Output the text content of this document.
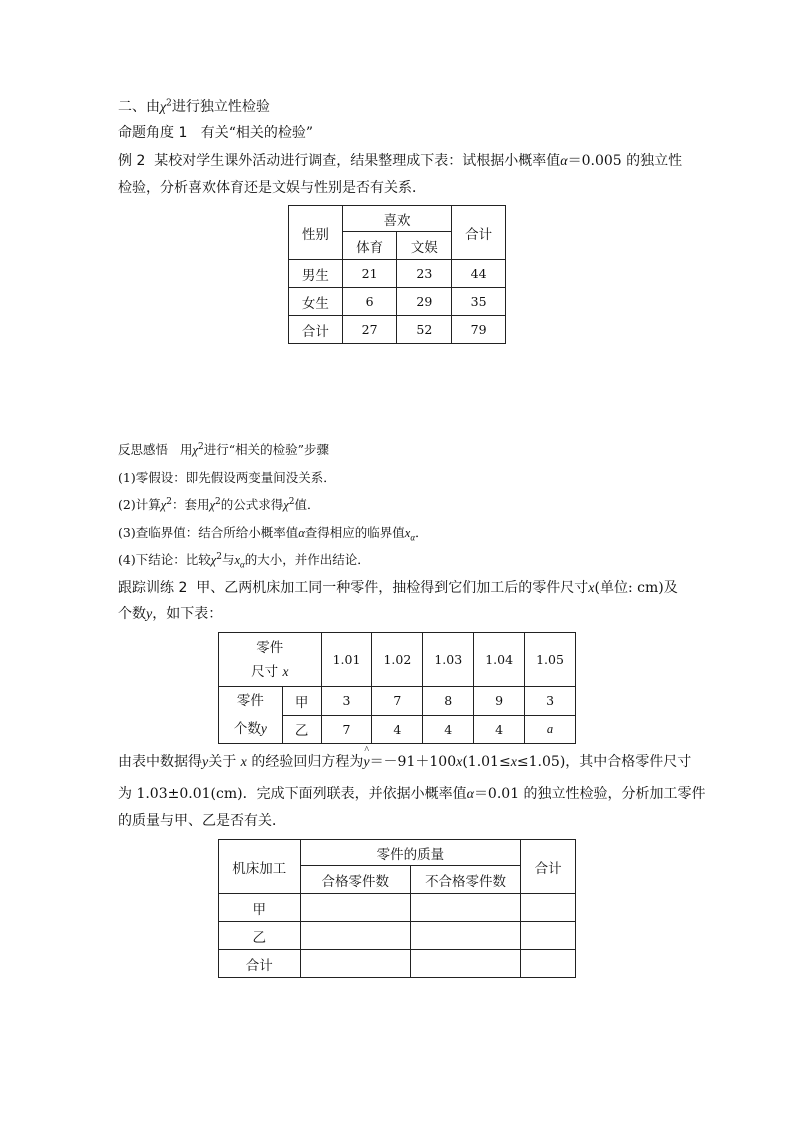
二、由$\chi^2$进行独立性检验
命题角度 1 有关“相关的检验”
例 2 某校对学生课外活动进行调查，结果整理成下表：试根据小概率值α＝0.005 的独立性
检验，分析喜欢体育还是文娱与性别是否有关系．
性别	喜欢		合计
	体育	文娱	
男生	21	23	44
女生	6	29	35
合计	27	52	79
反思感悟 用$\chi^2$进行“相关的检验”步骤
(1)零假设：即先假设两变量间没关系．
(2)计算$\chi^2$：套用$\chi^2$的公式求得$\chi^2$值．
(3)查临界值：结合所给小概率值α查得相应的临界值$x_\alpha$．
(4)下结论：比较$\chi^2$与$x_\alpha$的大小，并作出结论．
跟踪训练 2 甲、乙两机床加工同一种零件，抽检得到它们加工后的零件尺寸x(单位: cm)及
个数y，如下表：
零件
尺寸 x		1.01	1.02	1.03	1.04	1.05
零件
个数y	甲	3	7	8	9	3
	乙	7	4	4	4	a
由表中数据得y关于 x 的经验回归方程为^ y＝－91＋100x(1.01≤x≤1.05)，其中合格零件尺寸
为 1.03±0.01(cm)．完成下面列联表，并依据小概率值α＝0.01 的独立性检验，分析加工零件
的质量与甲、乙是否有关．
机床加工	零件的质量		合计
	合格零件数	不合格零件数	
甲			
乙			
合计			
